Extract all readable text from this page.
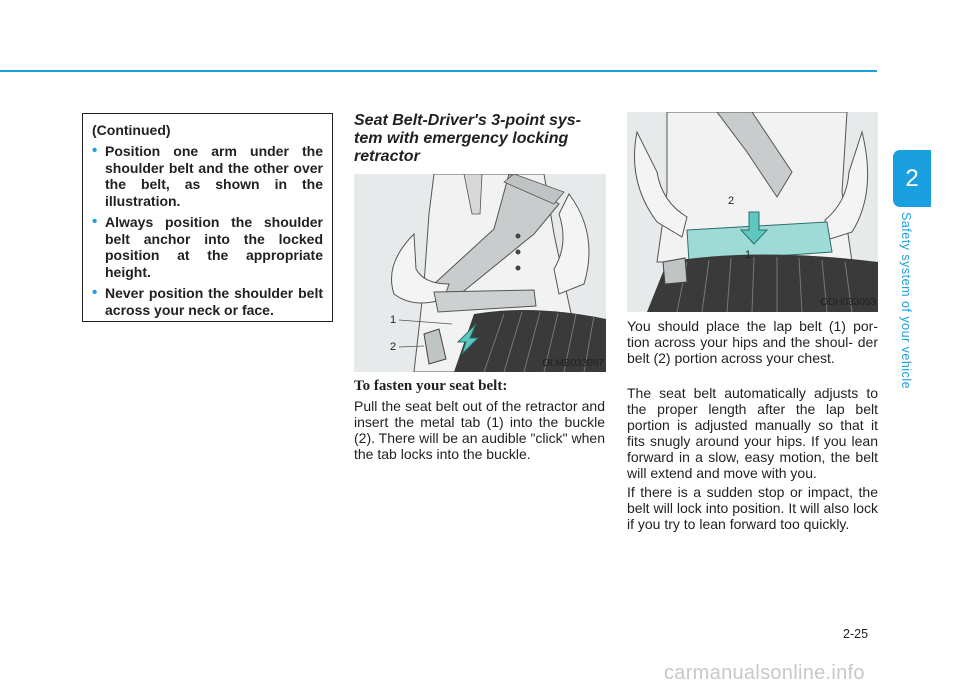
2
Safety system of your vehicle
(Continued)
• Position one arm under the shoulder belt and the other over the belt, as shown in the illustration.
• Always position the shoulder belt anchor into the locked position at the appropriate height.
• Never position the shoulder belt across your neck or face.
Seat Belt-Driver's 3-point sys- tem with emergency locking retractor
1
2
OLMB033087
To fasten your seat belt:
Pull the seat belt out of the retractor and insert the metal tab (1) into the buckle (2). There will be an audible "click" when the tab locks into the buckle.
2
1
ODH033053
You should place the lap belt (1) por- tion across your hips and the shoul- der belt (2) portion across your chest.
The seat belt automatically adjusts to the proper length after the lap belt portion is adjusted manually so that it fits snugly around your hips. If you lean forward in a slow, easy motion, the belt will extend and move with you.
If there is a sudden stop or impact, the belt will lock into position. It will also lock if you try to lean forward too quickly.
2-25
carmanualsonline.info
